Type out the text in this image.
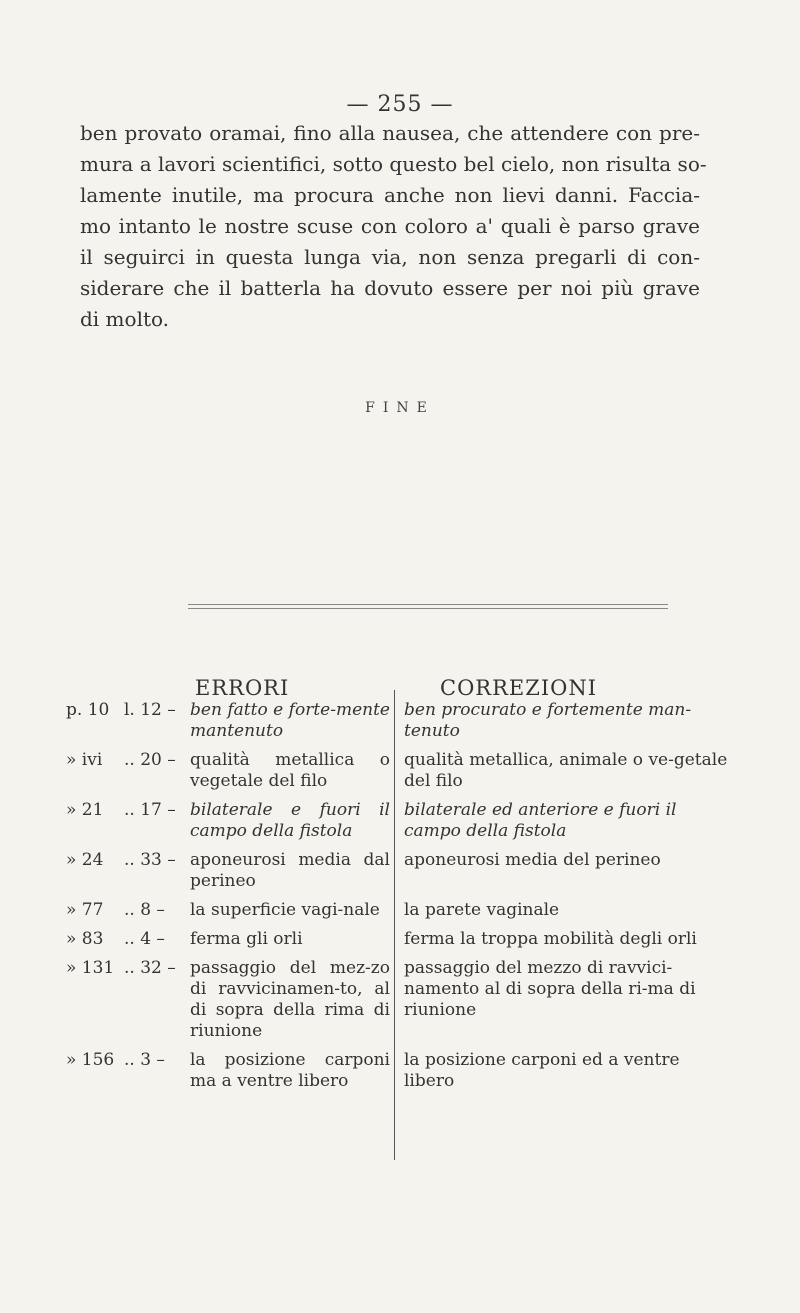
— 255 —
ben provato oramai, fino alla nausea, che attendere con pre-
mura a lavori scientifici, sotto questo bel cielo, non risulta so-
lamente inutile, ma procura anche non lievi danni. Faccia-
mo intanto le nostre scuse con coloro a' quali è parso grave
il seguirci in questa lunga via, non senza pregarli di con-
siderare che il batterla ha dovuto essere per noi più grave
di molto.
FINE
ERRORI	CORREZIONI
p. 10	l. 12 –	ben fatto e forte-mente mantenuto	ben procurato e fortemente man-tenuto
» ivi	.. 20 –	qualità metallica o vegetale del filo	qualità metallica, animale o ve-getale del filo
» 21	.. 17 –	bilaterale e fuori il campo della fistola	bilaterale ed anteriore e fuori il campo della fistola
» 24	.. 33 –	aponeurosi media dal perineo	aponeurosi media del perineo
» 77	.. 8 –	la superficie vagi-nale	la parete vaginale
» 83	.. 4 –	ferma gli orli	ferma la troppa mobilità degli orli
» 131	.. 32 –	passaggio del mez-zo di ravvicinamen-to, al di sopra della rima di riunione	passaggio del mezzo di ravvici-namento al di sopra della ri-ma di riunione
» 156	.. 3 –	la posizione carponi ma a ventre libero	la posizione carponi ed a ventre libero
